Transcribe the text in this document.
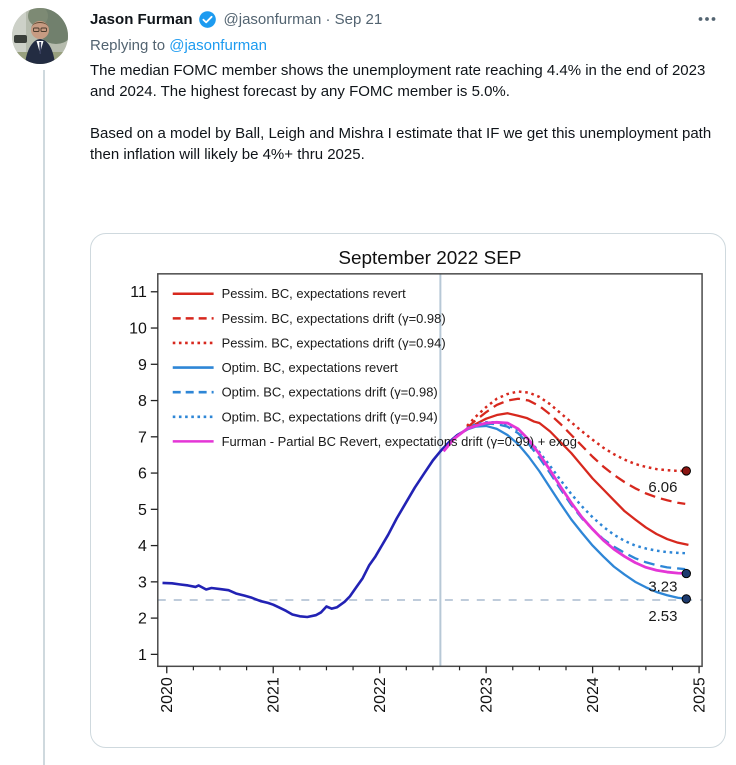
Jason Furman @jasonfurman · Sep 21
Replying to @jasonfurman

The median FOMC member shows the unemployment rate reaching 4.4% in the end of 2023 and 2024. The highest forecast by any FOMC member is 5.0%.

Based on a model by Ball, Leigh and Mishra I estimate that IF we get this unemployment path then inflation will likely be 4%+ thru 2025.

6.06
3.23
2.53
1
2
3
4
5
6
7
8
9
10
11
2020	2021	2022	2023	2024	2025
Pessim. BC, expectations revert
Pessim. BC, expectations drift (γ=0.98)
Pessim. BC, expectations drift (γ=0.94)
Optim. BC, expectations revert
Optim. BC, expectations drift (γ=0.98)
Optim. BC, expectations drift (γ=0.94)
Furman - Partial BC Revert, expectations drift (γ=0.99) + exog
September 2022 SEP
